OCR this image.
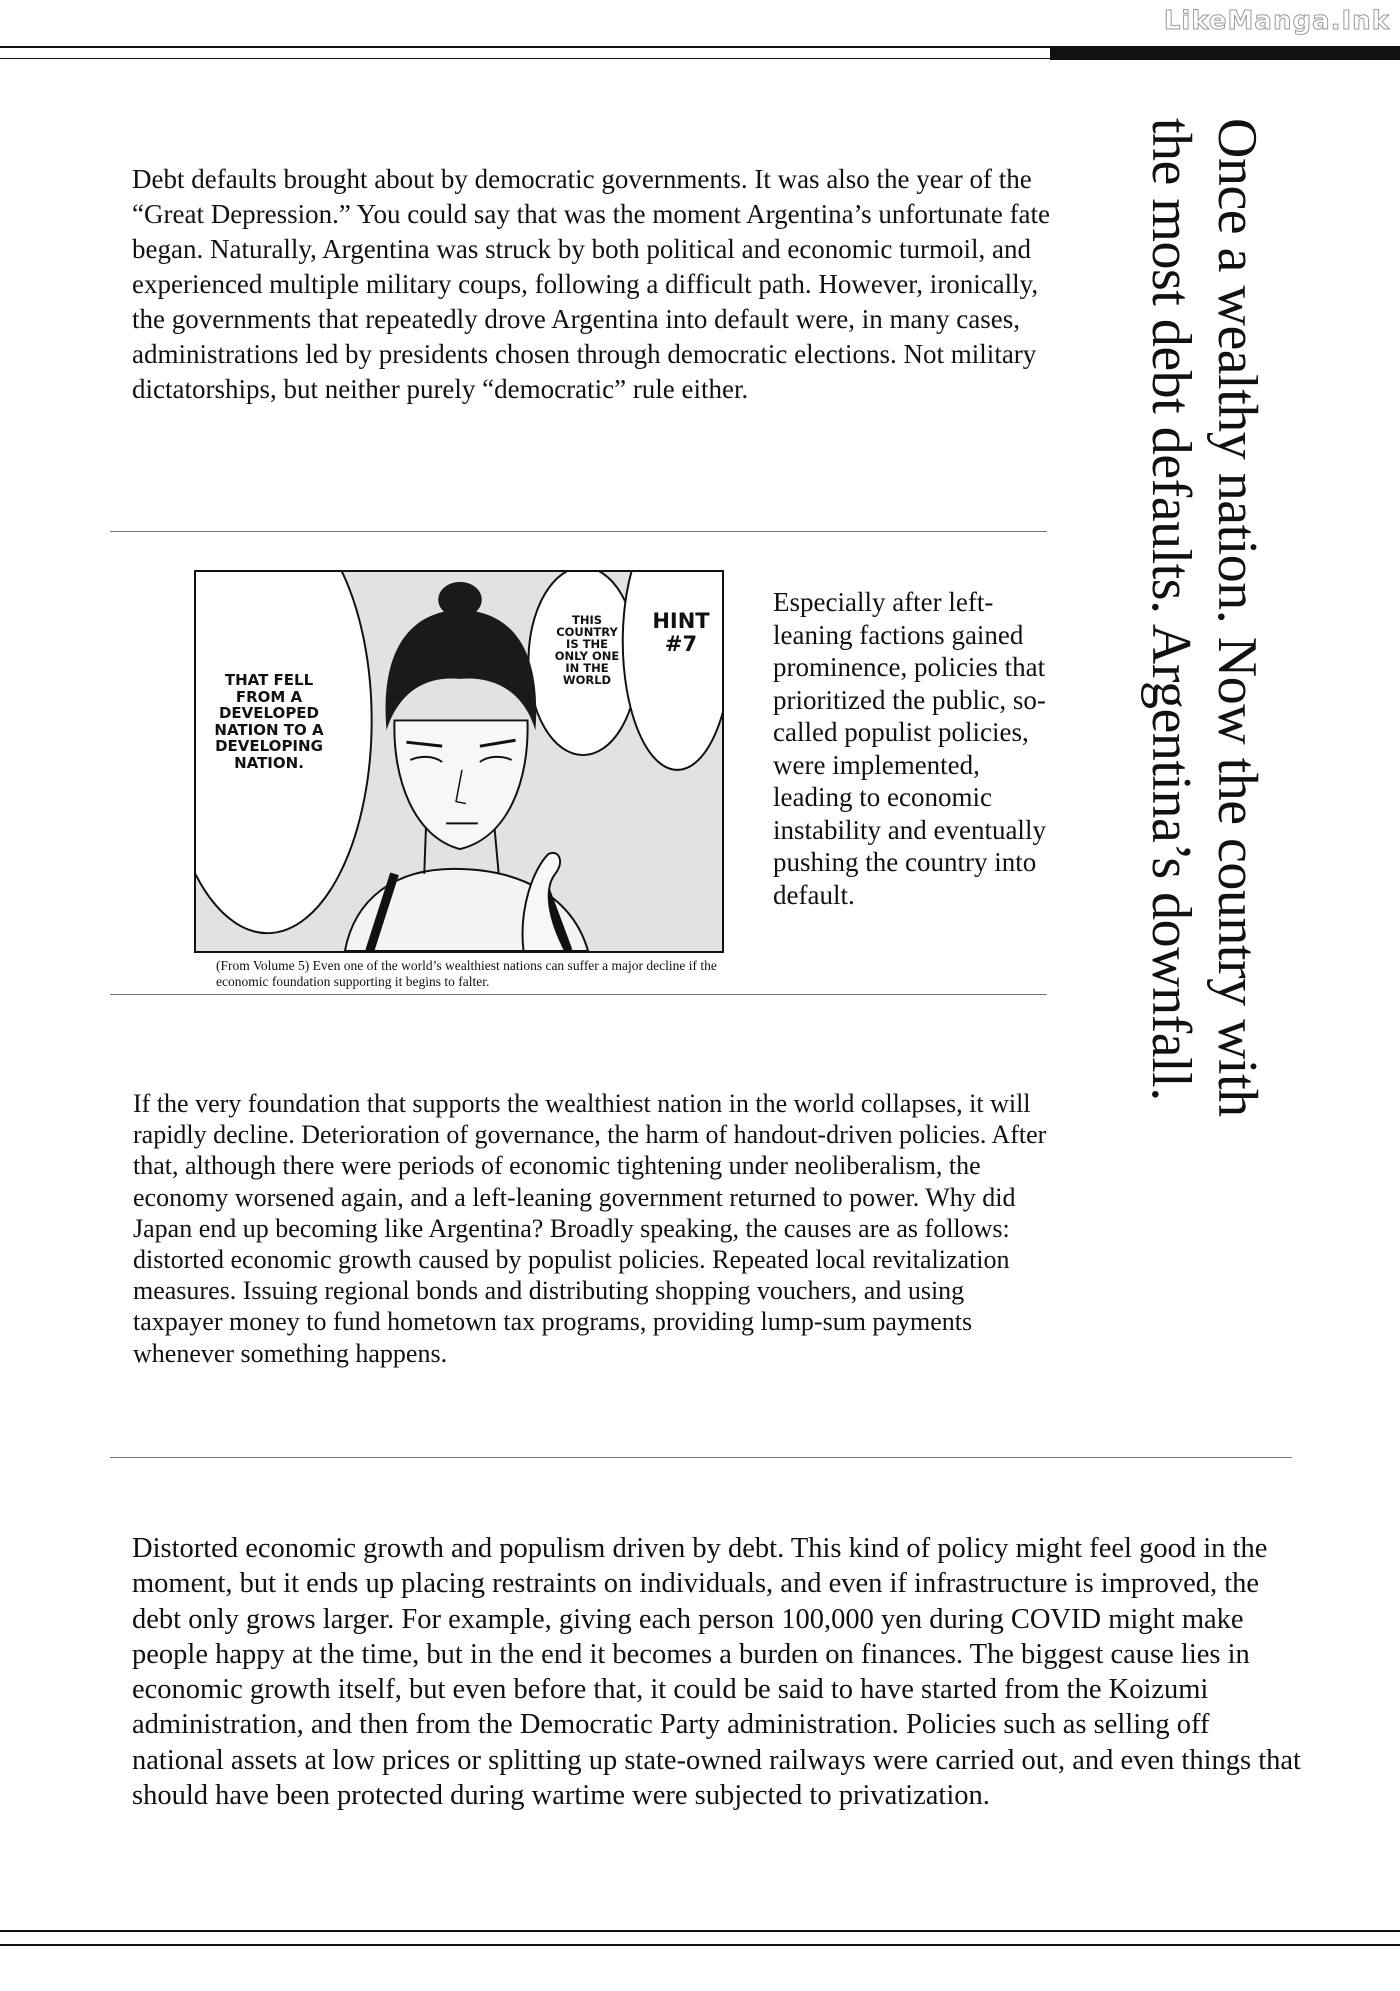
LikeManga.Ink
Once a wealthy nation. Now the country with
the most debt defaults. Argentina’s downfall.

Debt defaults brought about by democratic governments. It was also the year of the “Great Depression.” You could say that was the moment Argentina’s unfortunate fate began. Naturally, Argentina was struck by both political and economic turmoil, and experienced multiple military coups, following a difficult path. However, ironically, the governments that repeatedly drove Argentina into default were, in many cases, administrations led by presidents chosen through democratic elections. Not military dictatorships, but neither purely “democratic” rule either.

THAT FELL FROM A DEVELOPED NATION TO A DEVELOPING NATION.
THIS COUNTRY IS THE ONLY ONE IN THE WORLD
HINT #7
(From Volume 5) Even one of the world’s wealthiest nations can suffer a major decline if the economic foundation supporting it begins to falter.

Especially after left-leaning factions gained prominence, policies that prioritized the public, so-called populist policies, were implemented, leading to economic instability and eventually pushing the country into default.

If the very foundation that supports the wealthiest nation in the world collapses, it will rapidly decline. Deterioration of governance, the harm of handout-driven policies. After that, although there were periods of economic tightening under neoliberalism, the economy worsened again, and a left-leaning government returned to power. Why did Japan end up becoming like Argentina? Broadly speaking, the causes are as follows: distorted economic growth caused by populist policies. Repeated local revitalization measures. Issuing regional bonds and distributing shopping vouchers, and using taxpayer money to fund hometown tax programs, providing lump-sum payments whenever something happens.

Distorted economic growth and populism driven by debt. This kind of policy might feel good in the moment, but it ends up placing restraints on individuals, and even if infrastructure is improved, the debt only grows larger. For example, giving each person 100,000 yen during COVID might make people happy at the time, but in the end it becomes a burden on finances. The biggest cause lies in economic growth itself, but even before that, it could be said to have started from the Koizumi administration, and then from the Democratic Party administration. Policies such as selling off national assets at low prices or splitting up state-owned railways were carried out, and even things that should have been protected during wartime were subjected to privatization.
